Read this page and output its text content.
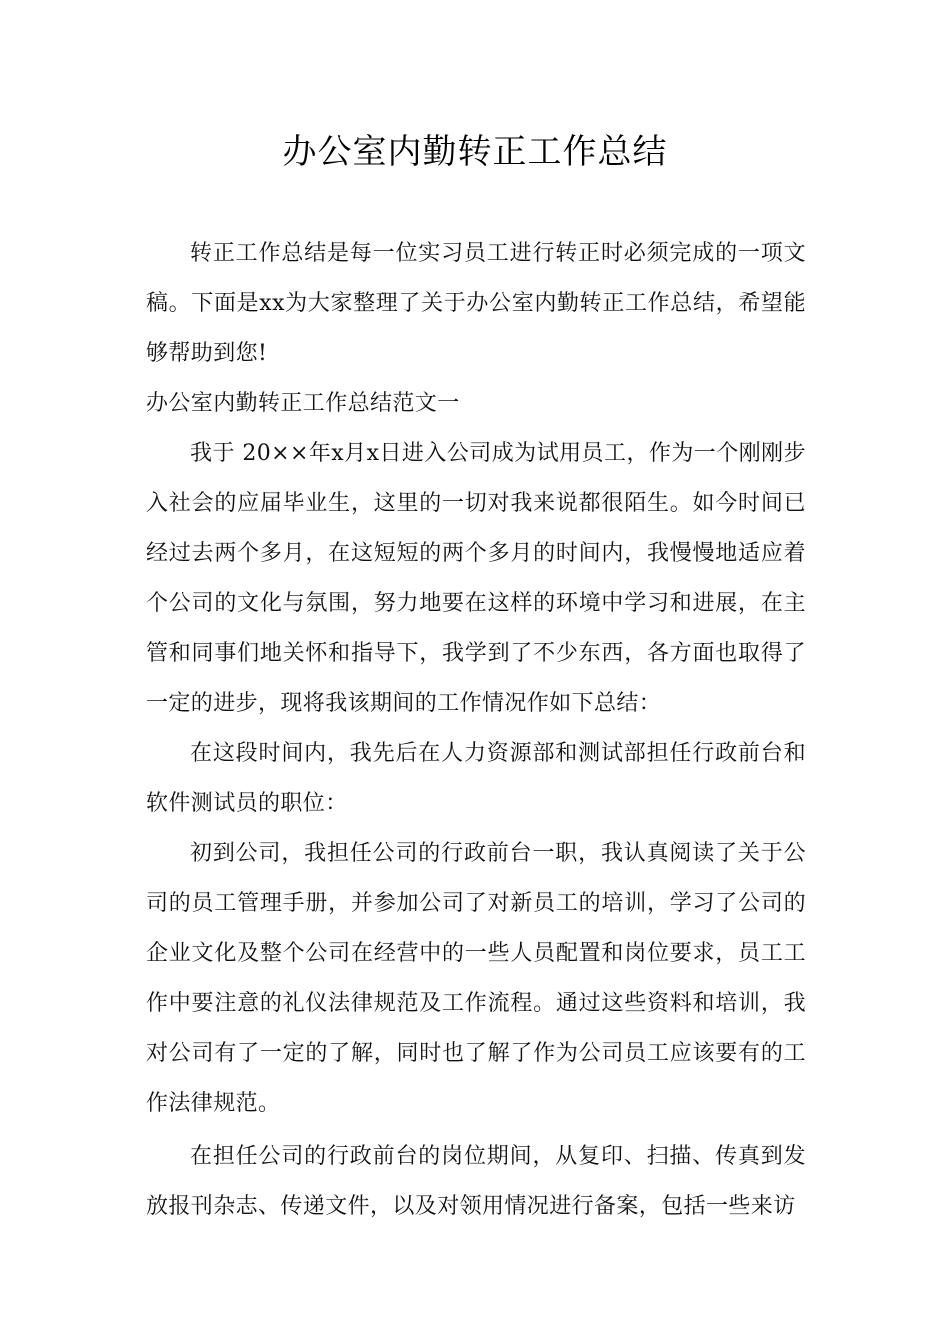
办公室内勤转正工作总结

转正工作总结是每一位实习员工进行转正时必须完成的一项文稿。下面是xx为大家整理了关于办公室内勤转正工作总结，希望能够帮助到您!

办公室内勤转正工作总结范文一

我于 20××年x月x日进入公司成为试用员工，作为一个刚刚步入社会的应届毕业生，这里的一切对我来说都很陌生。如今时间已经过去两个多月，在这短短的两个多月的时间内，我慢慢地适应着个公司的文化与氛围，努力地要在这样的环境中学习和进展，在主管和同事们地关怀和指导下，我学到了不少东西，各方面也取得了一定的进步，现将我该期间的工作情况作如下总结：

在这段时间内，我先后在人力资源部和测试部担任行政前台和软件测试员的职位：

初到公司，我担任公司的行政前台一职，我认真阅读了关于公司的员工管理手册，并参加公司了对新员工的培训，学习了公司的企业文化及整个公司在经营中的一些人员配置和岗位要求，员工工作中要注意的礼仪法律规范及工作流程。通过这些资料和培训，我对公司有了一定的了解，同时也了解了作为公司员工应该要有的工作法律规范。

在担任公司的行政前台的岗位期间，从复印、扫描、传真到发放报刊杂志、传递文件，以及对领用情况进行备案，包括一些来访
